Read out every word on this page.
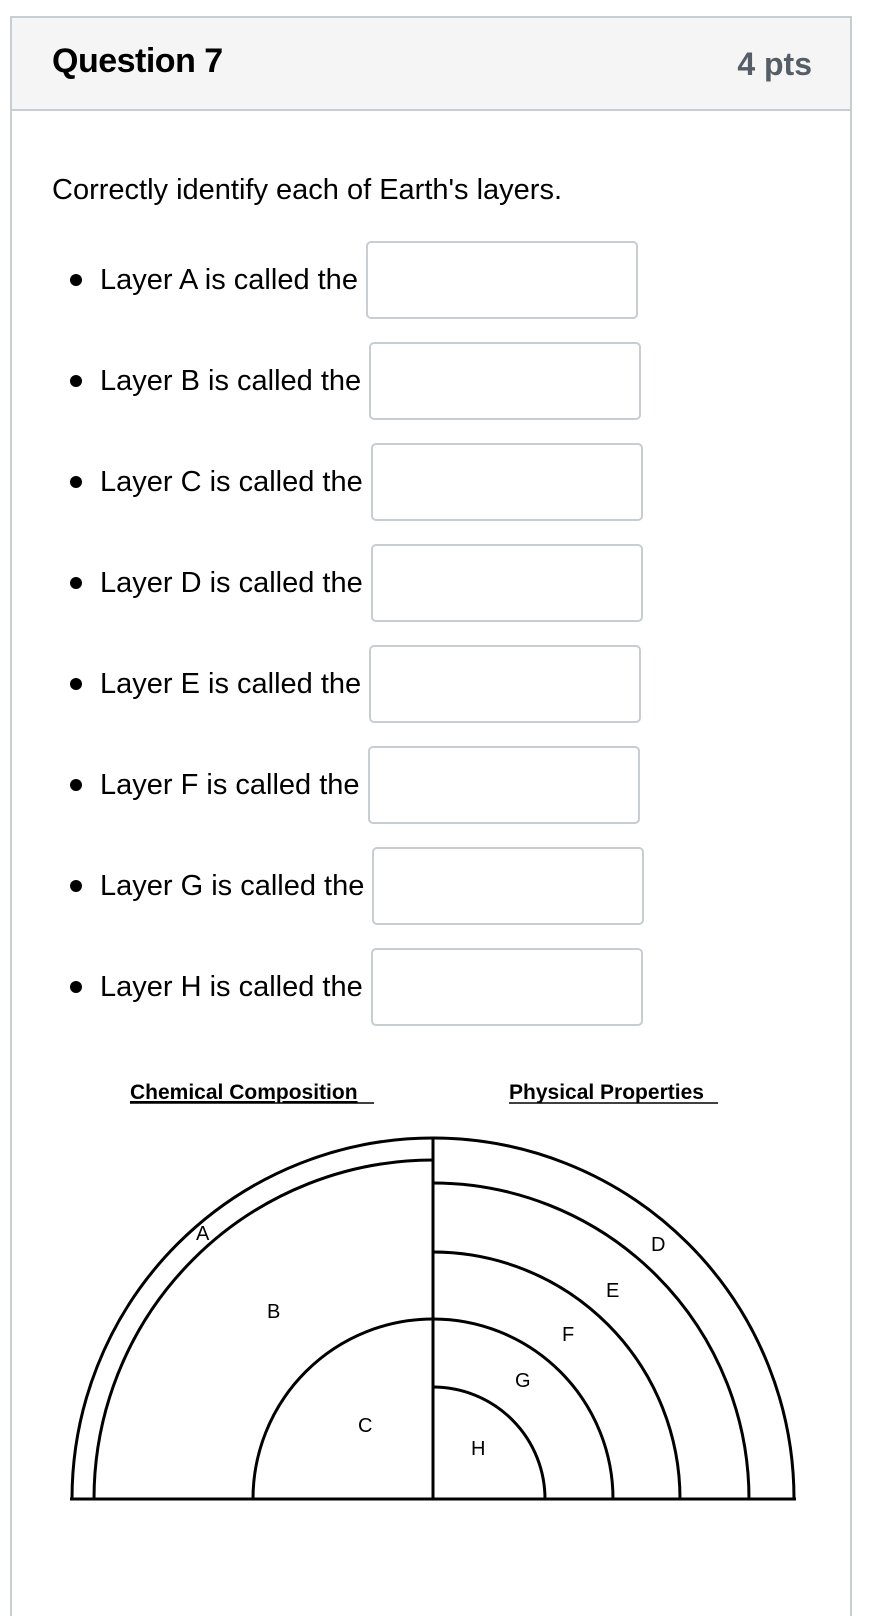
Question 7	4 pts
Correctly identify each of Earth's layers.
Layer A is called the
Layer B is called the
Layer C is called the
Layer D is called the
Layer E is called the
Layer F is called the
Layer G is called the
Layer H is called the
Chemical Composition	Physical Properties
A
B
C
D
E
F
G
H
